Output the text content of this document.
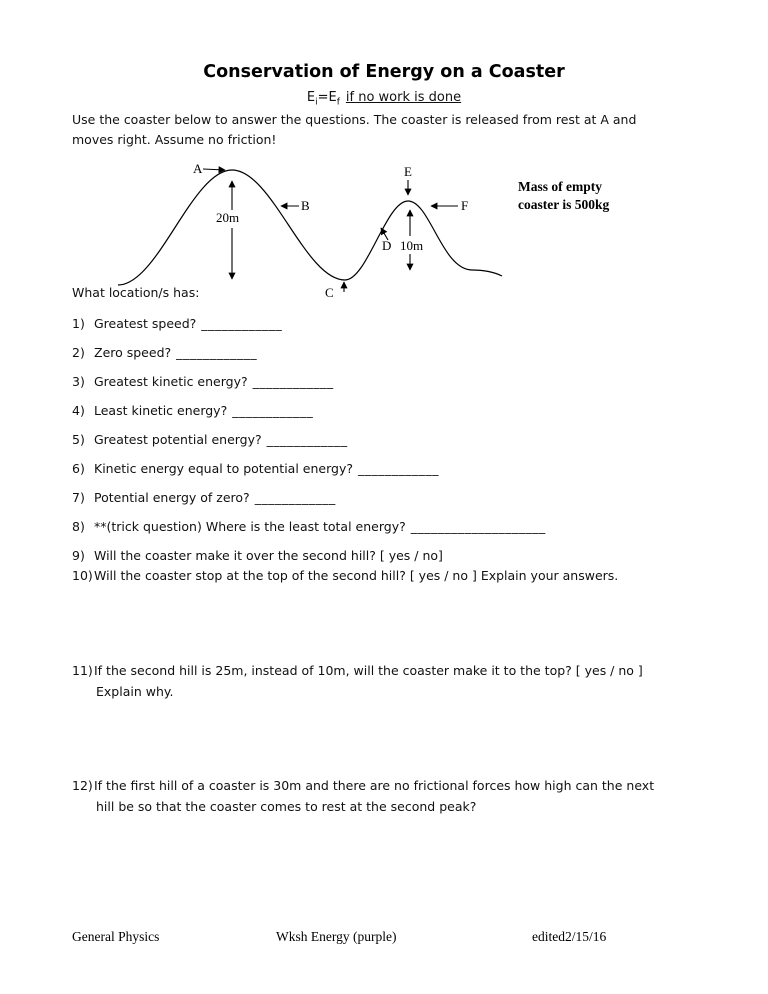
Conservation of Energy on a Coaster
$E_i=E_f$ if no work is done
Use the coaster below to answer the questions. The coaster is released from rest at A and
moves right. Assume no friction!
A	E
B	F
20m
D 10m
C
Mass of empty
coaster is 500kg
What location/s has:
1) Greatest speed? ____________
2) Zero speed? ____________
3) Greatest kinetic energy? ____________
4) Least kinetic energy? ____________
5) Greatest potential energy? ____________
6) Kinetic energy equal to potential energy? ____________
7) Potential energy of zero? ____________
8) **(trick question) Where is the least total energy? ____________________
9) Will the coaster make it over the second hill? [ yes / no]
10)Will the coaster stop at the top of the second hill? [ yes / no ] Explain your answers.
11)If the second hill is 25m, instead of 10m, will the coaster make it to the top? [ yes / no ]
Explain why.
12)If the first hill of a coaster is 30m and there are no frictional forces how high can the next
hill be so that the coaster comes to rest at the second peak?
General Physics	Wksh Energy (purple)	edited2/15/16
